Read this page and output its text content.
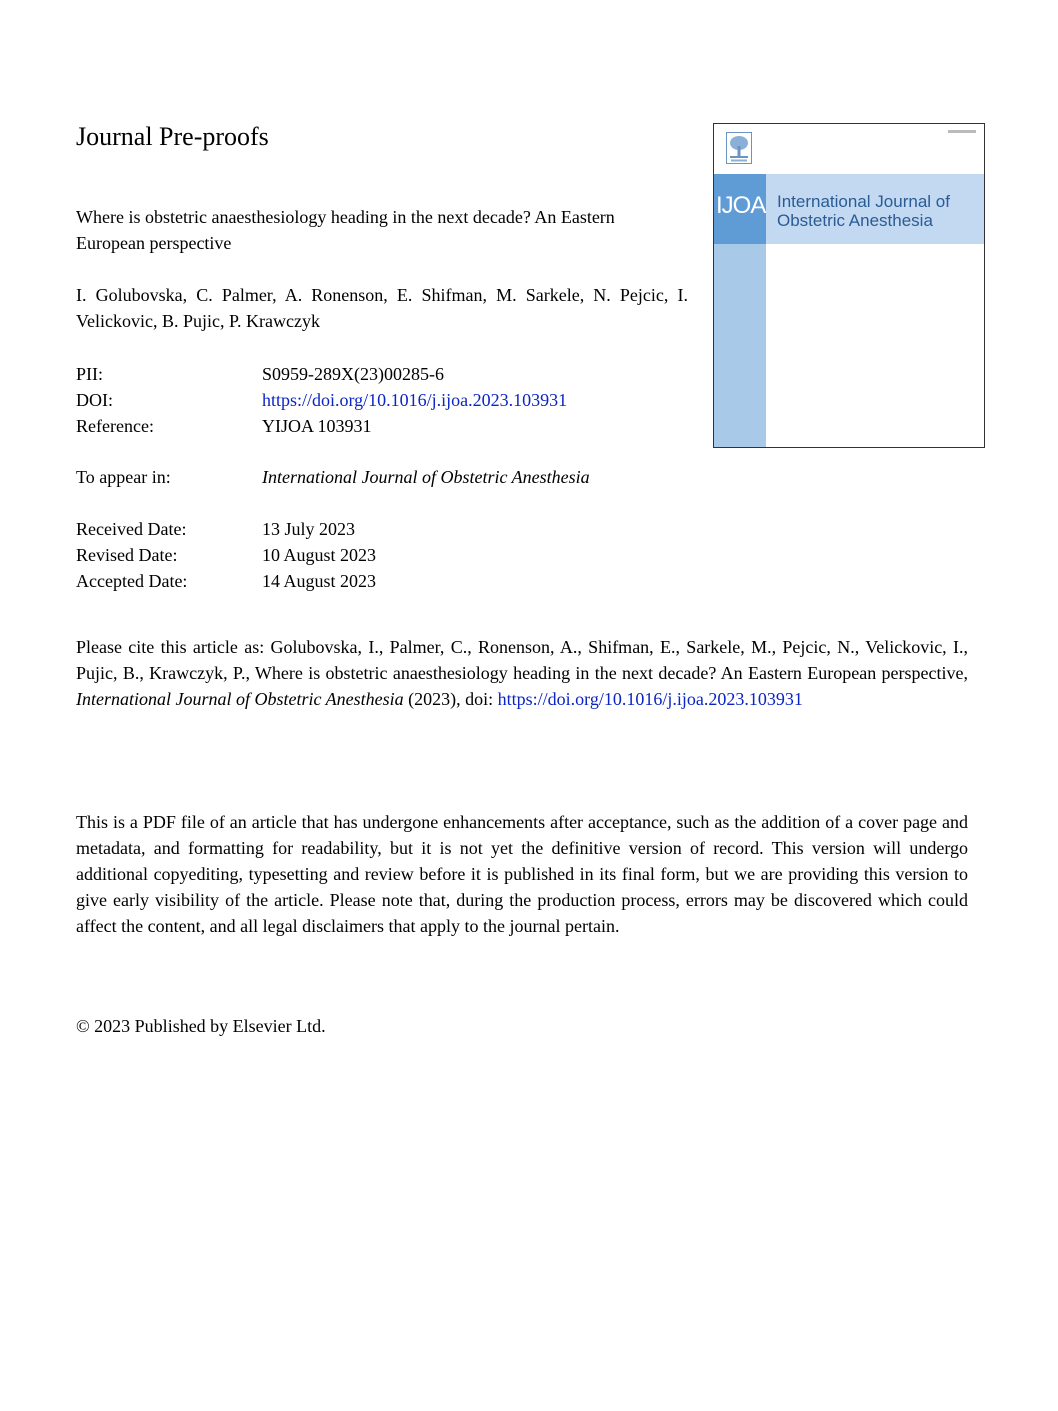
Journal Pre-proofs
Where is obstetric anaesthesiology heading in the next decade? An Eastern European perspective
I. Golubovska, C. Palmer, A. Ronenson, E. Shifman, M. Sarkele, N. Pejcic, I. Velickovic, B. Pujic, P. Krawczyk
PII:	S0959-289X(23)00285-6
DOI:	https://doi.org/10.1016/j.ijoa.2023.103931
Reference:	YIJOA 103931
To appear in:	International Journal of Obstetric Anesthesia
Received Date:	13 July 2023
Revised Date:	10 August 2023
Accepted Date:	14 August 2023
Please cite this article as: Golubovska, I., Palmer, C., Ronenson, A., Shifman, E., Sarkele, M., Pejcic, N., Velickovic, I., Pujic, B., Krawczyk, P., Where is obstetric anaesthesiology heading in the next decade? An Eastern European perspective, International Journal of Obstetric Anesthesia (2023), doi: https://doi.org/10.1016/j.ijoa.2023.103931
This is a PDF file of an article that has undergone enhancements after acceptance, such as the addition of a cover page and metadata, and formatting for readability, but it is not yet the definitive version of record. This version will undergo additional copyediting, typesetting and review before it is published in its final form, but we are providing this version to give early visibility of the article. Please note that, during the production process, errors may be discovered which could affect the content, and all legal disclaimers that apply to the journal pertain.
© 2023 Published by Elsevier Ltd.
IJOA International Journal of Obstetric Anesthesia
